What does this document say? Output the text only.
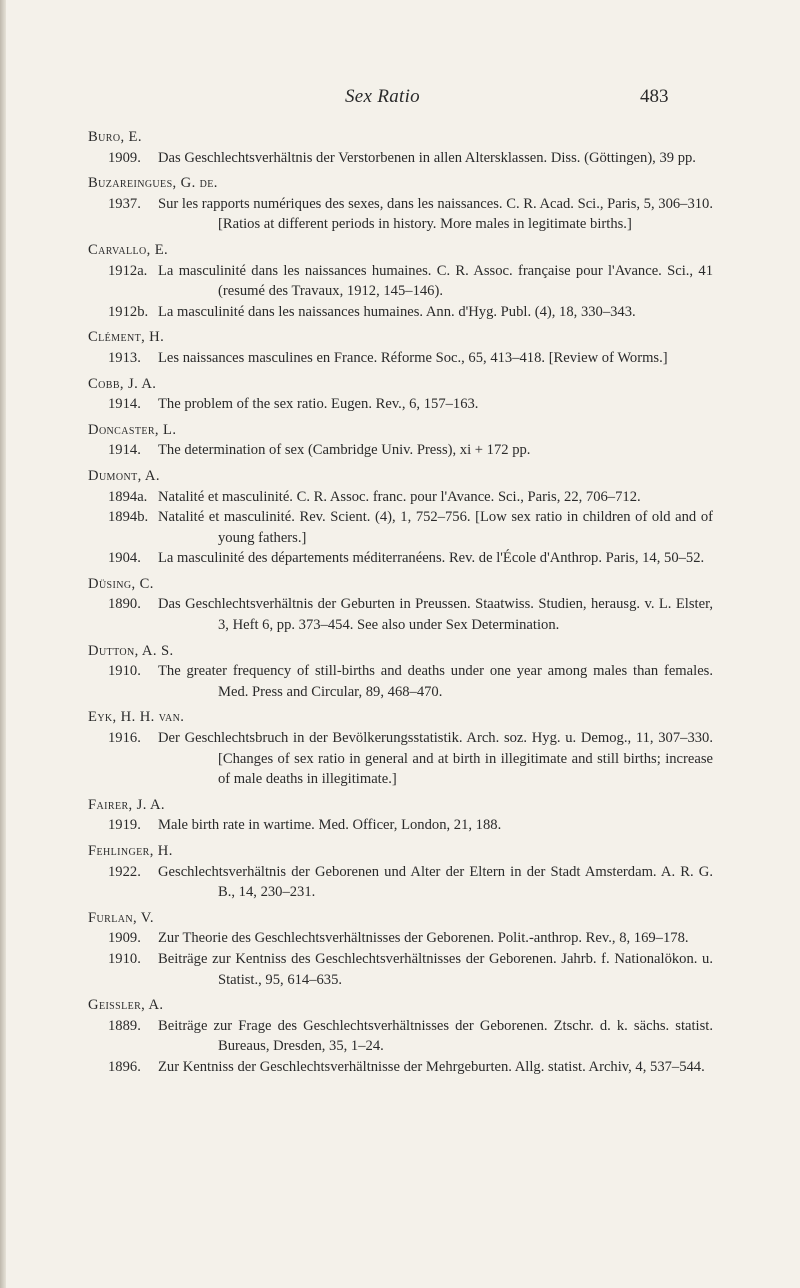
Sex Ratio	483
Buro, E.
1909. Das Geschlechtsverhältnis der Verstorbenen in allen Altersklassen. Diss. (Göttingen), 39 pp.
Buzareingues, G. de.
1937. Sur les rapports numériques des sexes, dans les naissances. C. R. Acad. Sci., Paris, 5, 306–310. [Ratios at different periods in history. More males in legitimate births.]
Carvallo, E.
1912a. La masculinité dans les naissances humaines. C. R. Assoc. française pour l'Avance. Sci., 41 (resumé des Travaux, 1912, 145–146).
1912b. La masculinité dans les naissances humaines. Ann. d'Hyg. Publ. (4), 18, 330–343.
Clément, H.
1913. Les naissances masculines en France. Réforme Soc., 65, 413–418. [Review of Worms.]
Cobb, J. A.
1914. The problem of the sex ratio. Eugen. Rev., 6, 157–163.
Doncaster, L.
1914. The determination of sex (Cambridge Univ. Press), xi + 172 pp.
Dumont, A.
1894a. Natalité et masculinité. C. R. Assoc. franc. pour l'Avance. Sci., Paris, 22, 706–712.
1894b. Natalité et masculinité. Rev. Scient. (4), 1, 752–756. [Low sex ratio in children of old and of young fathers.]
1904. La masculinité des départements méditerranéens. Rev. de l'École d'Anthrop. Paris, 14, 50–52.
Düsing, C.
1890. Das Geschlechtsverhältnis der Geburten in Preussen. Staatwiss. Studien, herausg. v. L. Elster, 3, Heft 6, pp. 373–454. See also under Sex Determination.
Dutton, A. S.
1910. The greater frequency of still-births and deaths under one year among males than females. Med. Press and Circular, 89, 468–470.
Eyk, H. H. van.
1916. Der Geschlechtsbruch in der Bevölkerungsstatistik. Arch. soz. Hyg. u. Demog., 11, 307–330. [Changes of sex ratio in general and at birth in illegitimate and still births; increase of male deaths in illegitimate.]
Fairer, J. A.
1919. Male birth rate in wartime. Med. Officer, London, 21, 188.
Fehlinger, H.
1922. Geschlechtsverhältnis der Geborenen und Alter der Eltern in der Stadt Amsterdam. A. R. G. B., 14, 230–231.
Furlan, V.
1909. Zur Theorie des Geschlechtsverhältnisses der Geborenen. Polit.-anthrop. Rev., 8, 169–178.
1910. Beiträge zur Kentniss des Geschlechtsverhältnisses der Geborenen. Jahrb. f. Nationalökon. u. Statist., 95, 614–635.
Geissler, A.
1889. Beiträge zur Frage des Geschlechtsverhältnisses der Geborenen. Ztschr. d. k. sächs. statist. Bureaus, Dresden, 35, 1–24.
1896. Zur Kentniss der Geschlechtsverhältnisse der Mehrgeburten. Allg. statist. Archiv, 4, 537–544.
